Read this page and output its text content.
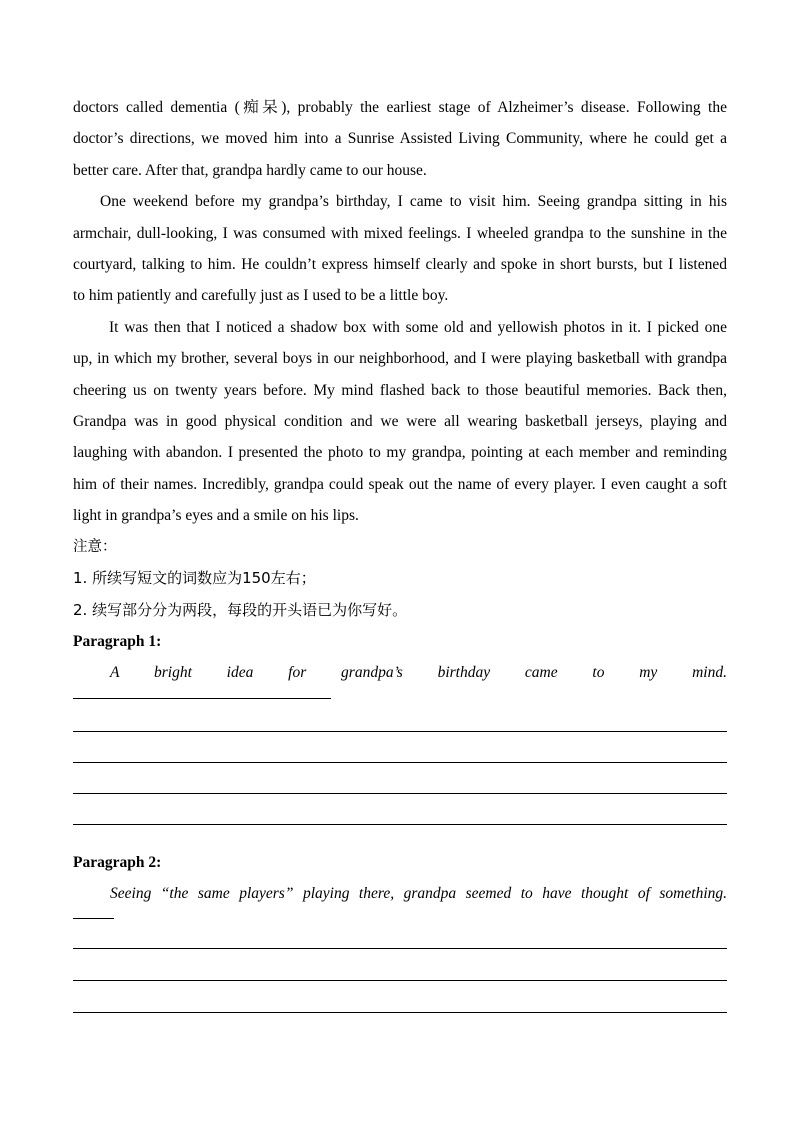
doctors called dementia (痴呆), probably the earliest stage of Alzheimer’s disease. Following the
doctor’s directions, we moved him into a Sunrise Assisted Living Community, where he could get a
better care. After that, grandpa hardly came to our house.
One weekend before my grandpa’s birthday, I came to visit him. Seeing grandpa sitting in his
armchair, dull-looking, I was consumed with mixed feelings. I wheeled grandpa to the sunshine in the
courtyard, talking to him. He couldn’t express himself clearly and spoke in short bursts, but I listened
to him patiently and carefully just as I used to be a little boy.
It was then that I noticed a shadow box with some old and yellowish photos in it. I picked one
up, in which my brother, several boys in our neighborhood, and I were playing basketball with grandpa
cheering us on twenty years before. My mind flashed back to those beautiful memories. Back then,
Grandpa was in good physical condition and we were all wearing basketball jerseys, playing and
laughing with abandon. I presented the photo to my grandpa, pointing at each member and reminding
him of their names. Incredibly, grandpa could speak out the name of every player. I even caught a soft
light in grandpa’s eyes and a smile on his lips.
注意：
1. 所续写短文的词数应为150左右；
2. 续写部分分为两段，每段的开头语已为你写好。
Paragraph 1:
A bright idea for grandpa’s birthday came to my mind.
Paragraph 2:
Seeing “the same players” playing there, grandpa seemed to have thought of something.
